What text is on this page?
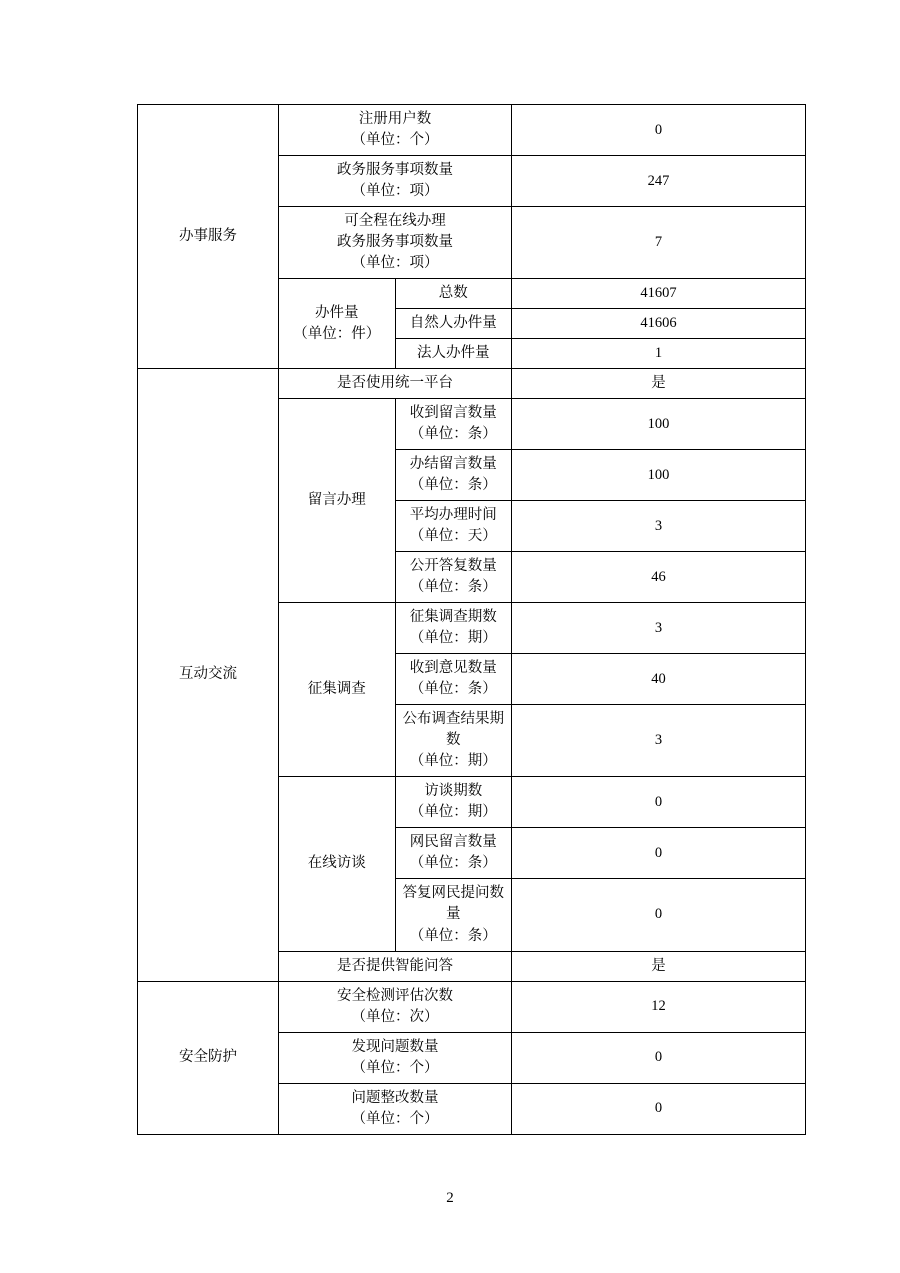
办事服务	注册用户数
（单位：个）		0

	政务服务事项数量
（单位：项）		247

	可全程在线办理
政务服务事项数量
（单位：项）		7

	办件量
（单位：件）	总数	41607
		自然人办件量	41606
		法人办件量	1
互动交流	是否使用统一平台		是
	留言办理	收到留言数量
（单位：条）	100

		办结留言数量
（单位：条）	100

		平均办理时间
（单位：天）	3

		公开答复数量
（单位：条）	46
	征集调查	征集调查期数
（单位：期）	3

		收到意见数量
（单位：条）	40

		公布调查结果期数
（单位：期）	3
	在线访谈	访谈期数
（单位：期）	0

		网民留言数量
（单位：条）	0

		答复网民提问数量
（单位：条）	0
	是否提供智能问答		是
安全防护	安全检测评估次数
（单位：次）		12

	发现问题数量
（单位：个）		0

	问题整改数量
（单位：个）		0
2
